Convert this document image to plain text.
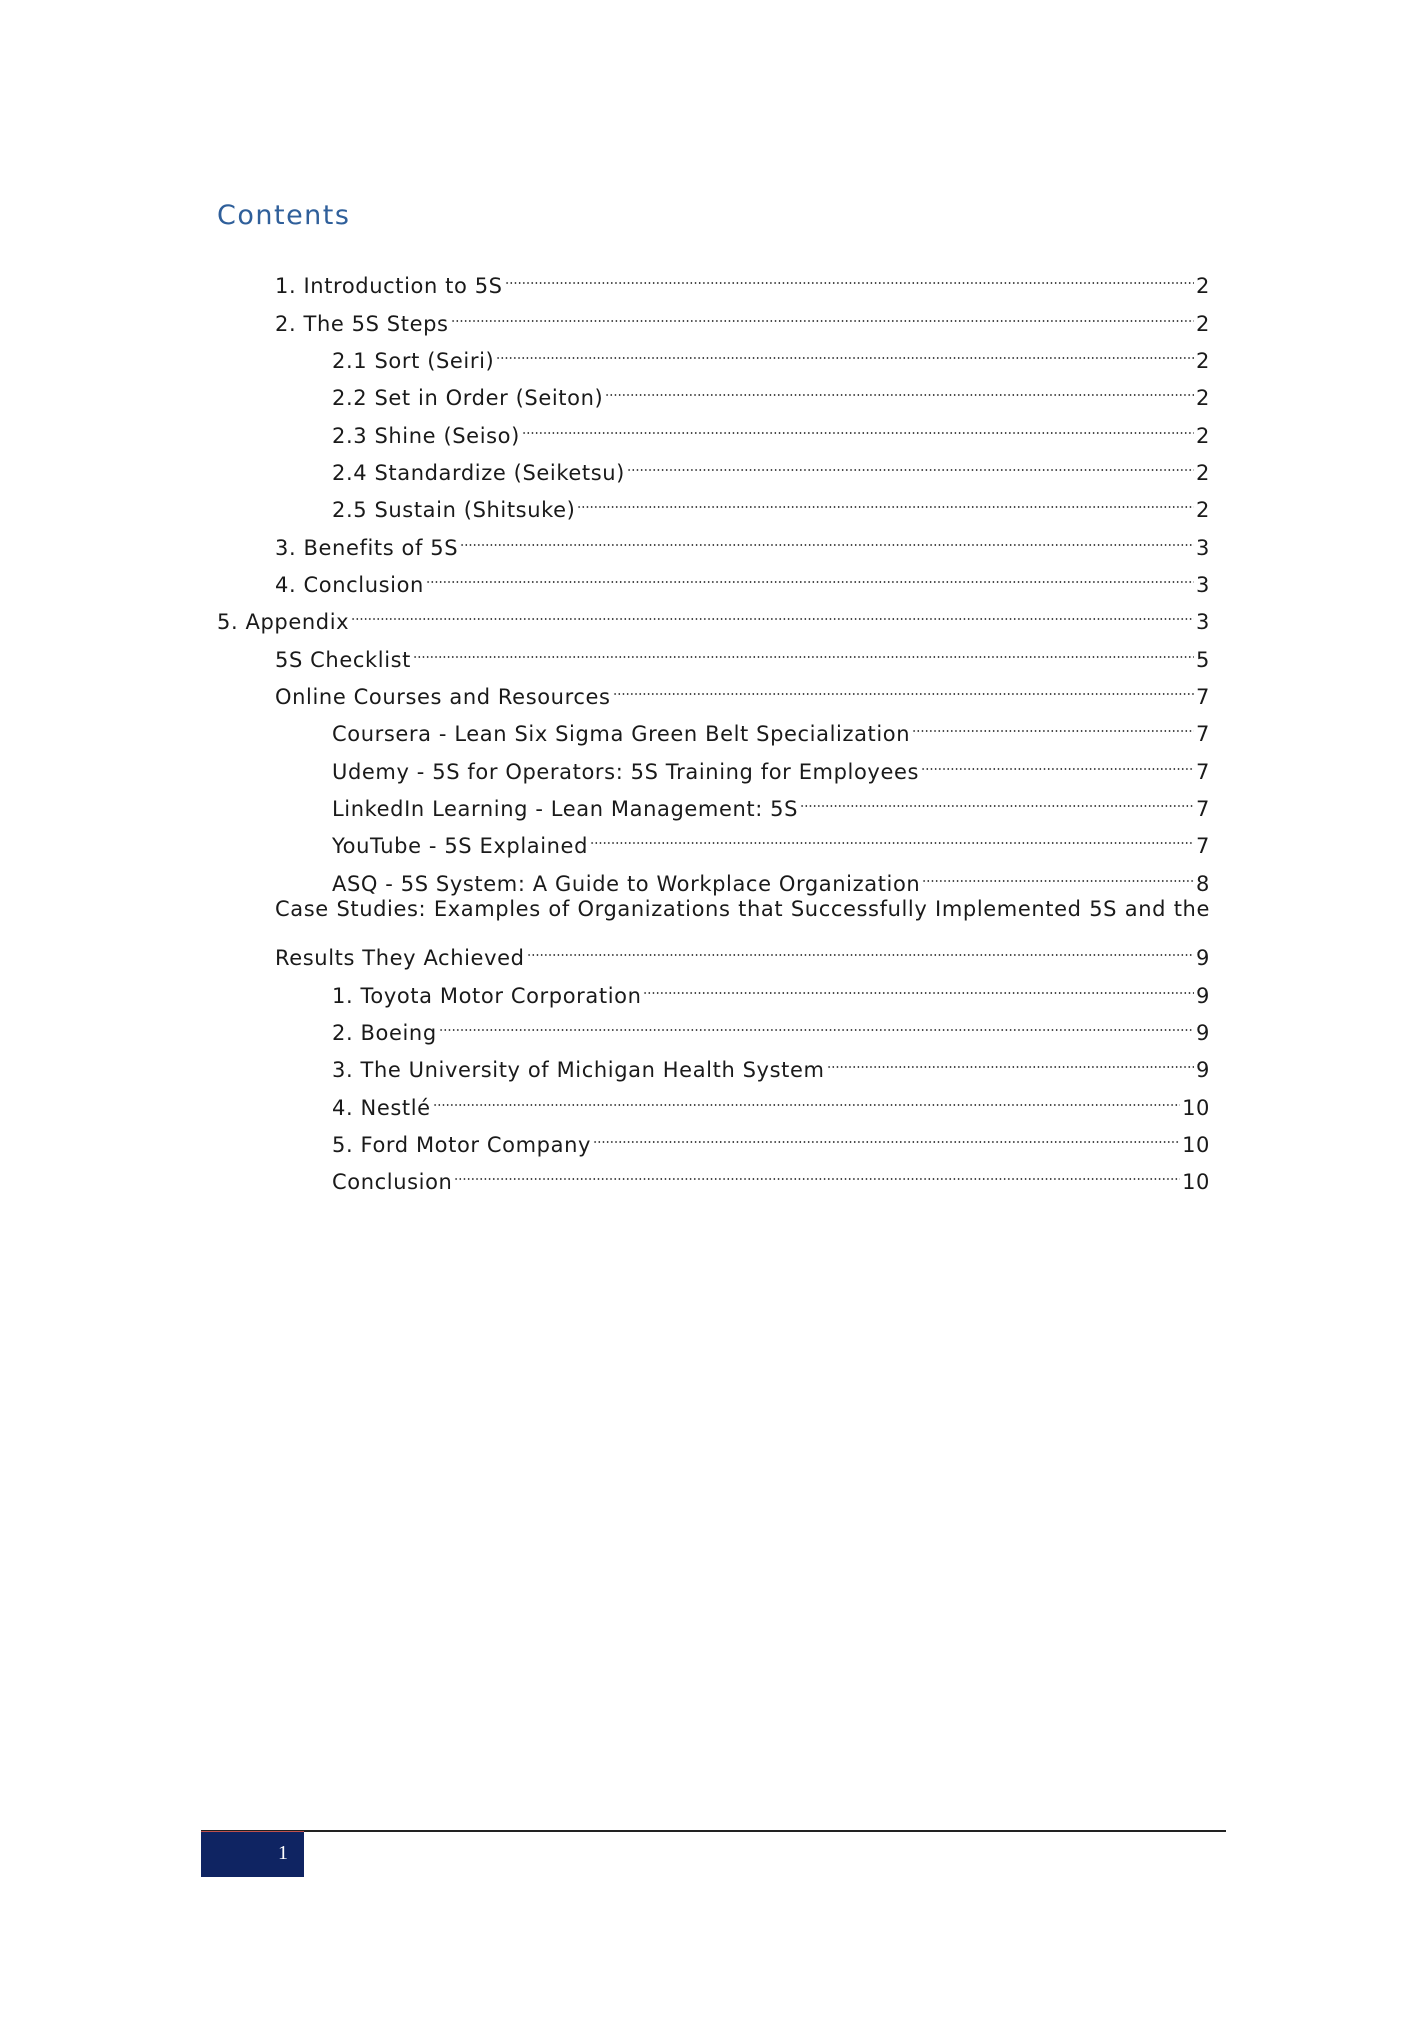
Contents
1. Introduction to 5S	2
2. The 5S Steps	2
2.1 Sort (Seiri)	2
2.2 Set in Order (Seiton)	2
2.3 Shine (Seiso)	2
2.4 Standardize (Seiketsu)	2
2.5 Sustain (Shitsuke)	2
3. Benefits of 5S	3
4. Conclusion	3
5. Appendix	3
5S Checklist	5
Online Courses and Resources	7
Coursera - Lean Six Sigma Green Belt Specialization	7
Udemy - 5S for Operators: 5S Training for Employees	7
LinkedIn Learning - Lean Management: 5S	7
YouTube - 5S Explained	7
ASQ - 5S System: A Guide to Workplace Organization	8
Case Studies: Examples of Organizations that Successfully Implemented 5S and the
Results They Achieved	9
1. Toyota Motor Corporation	9
2. Boeing	9
3. The University of Michigan Health System	9
4. Nestlé	10
5. Ford Motor Company	10
Conclusion	10
1
